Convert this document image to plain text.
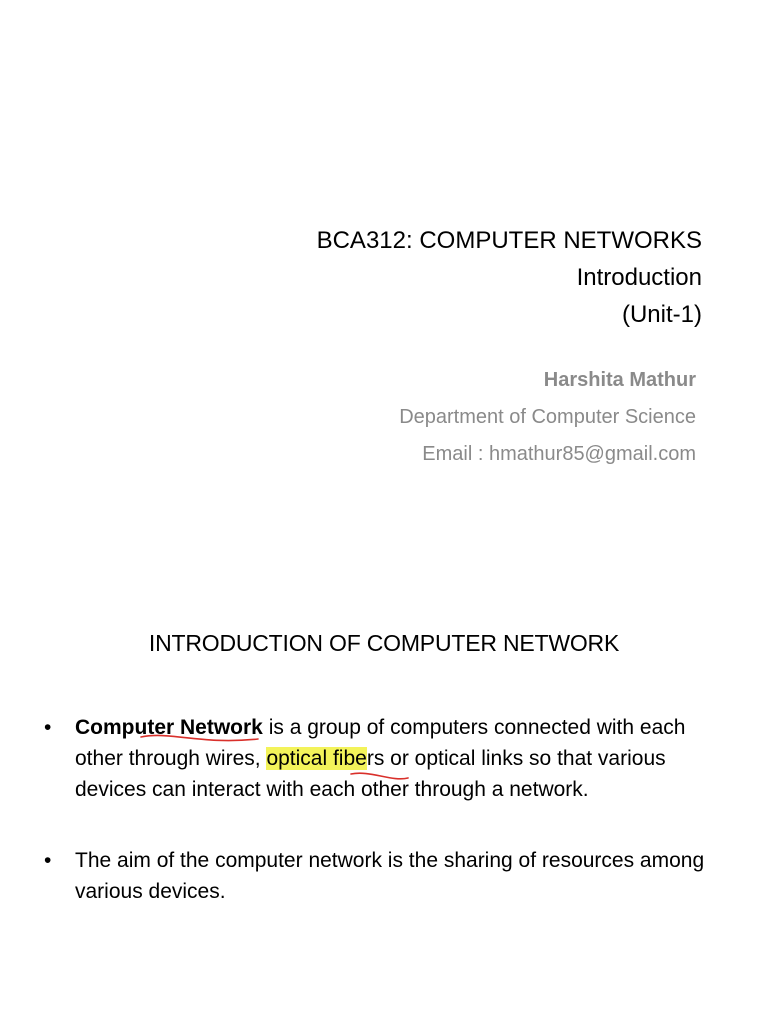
BCA312: COMPUTER NETWORKS
Introduction
(Unit-1)
Harshita Mathur
Department of Computer Science
Email : hmathur85@gmail.com
INTRODUCTION OF COMPUTER NETWORK
• Computer Network is a group of computers connected with each other through wires, optical fibers or optical links so that various devices can interact with each other through a network.
• The aim of the computer network is the sharing of resources among various devices.
